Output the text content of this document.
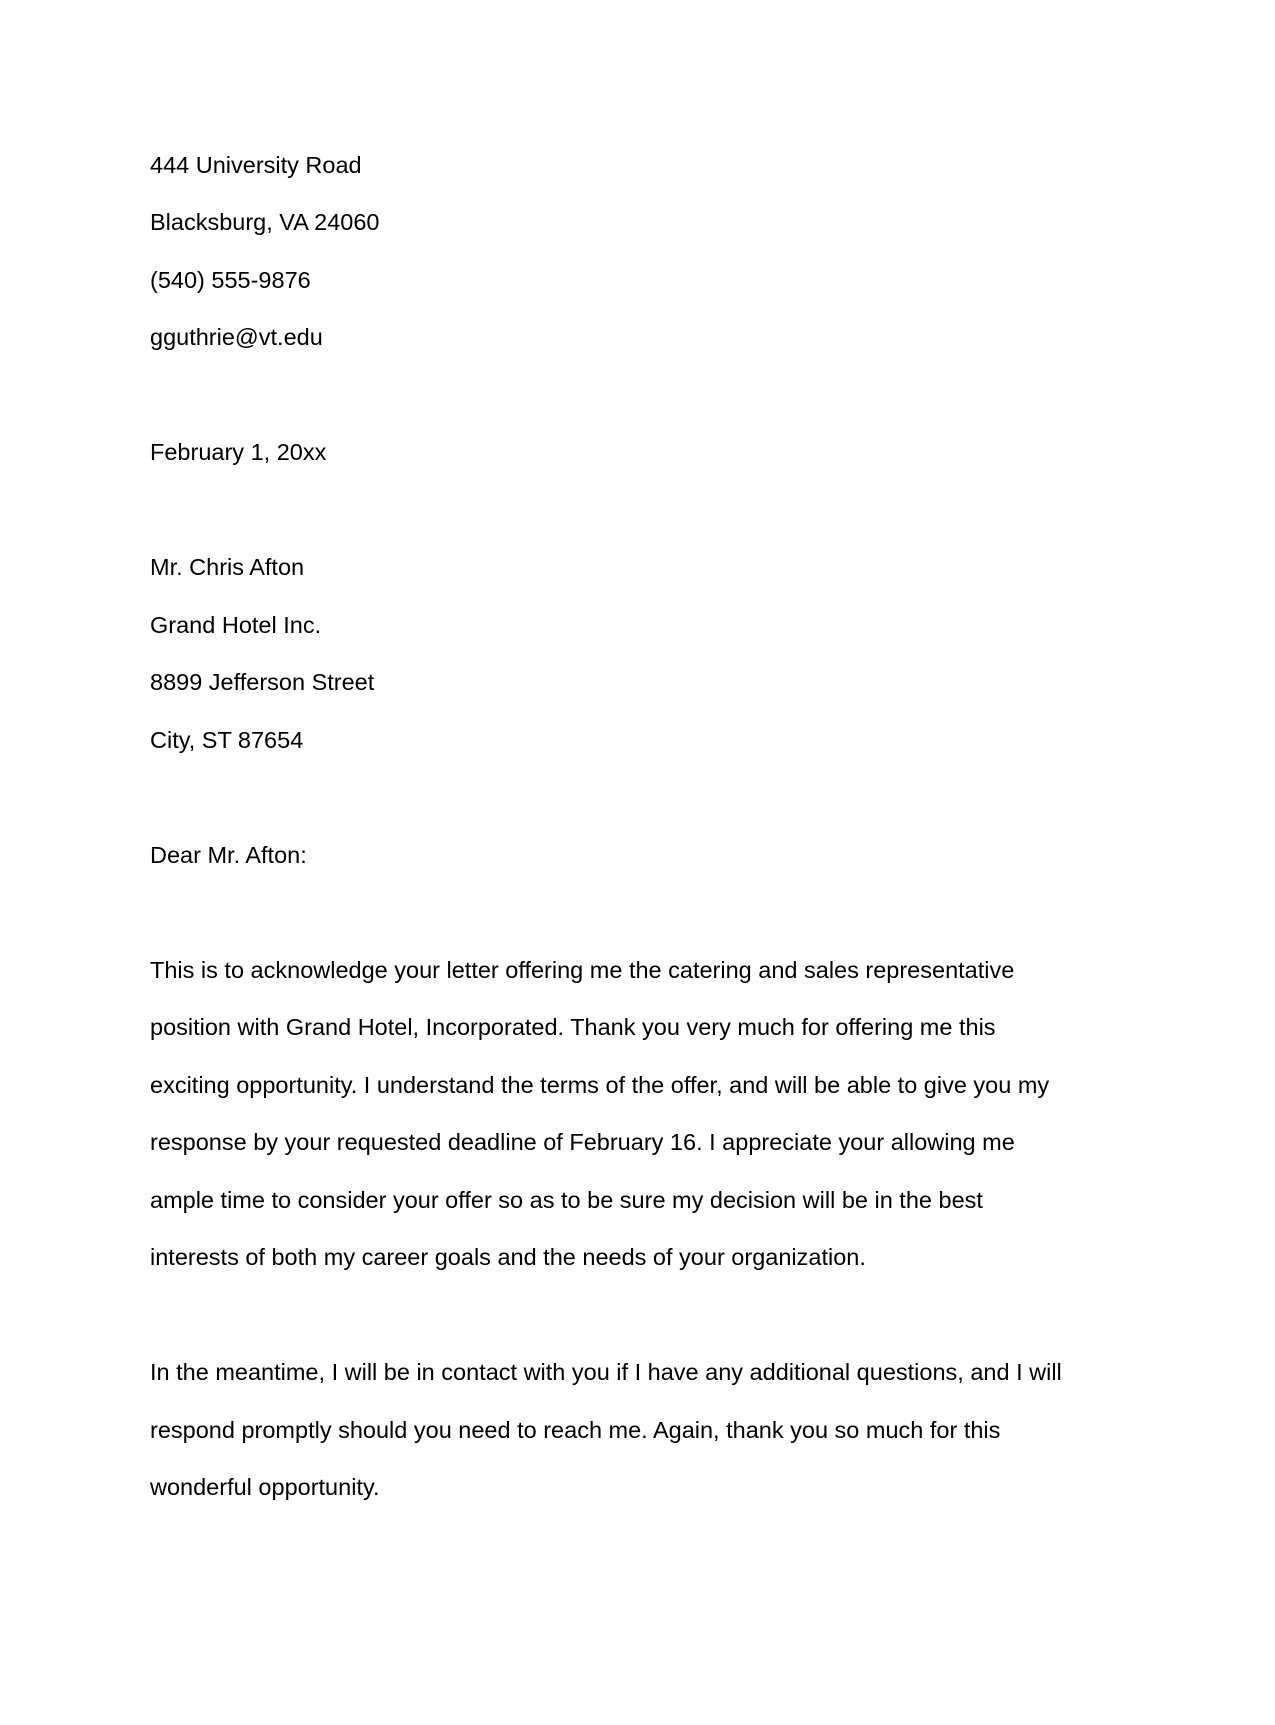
444 University Road
Blacksburg, VA 24060
(540) 555-9876
gguthrie@vt.edu
February 1, 20xx
Mr. Chris Afton
Grand Hotel Inc.
8899 Jefferson Street
City, ST 87654
Dear Mr. Afton:
This is to acknowledge your letter offering me the catering and sales representative
position with Grand Hotel, Incorporated. Thank you very much for offering me this
exciting opportunity. I understand the terms of the offer, and will be able to give you my
response by your requested deadline of February 16. I appreciate your allowing me
ample time to consider your offer so as to be sure my decision will be in the best
interests of both my career goals and the needs of your organization.
In the meantime, I will be in contact with you if I have any additional questions, and I will
respond promptly should you need to reach me. Again, thank you so much for this
wonderful opportunity.
